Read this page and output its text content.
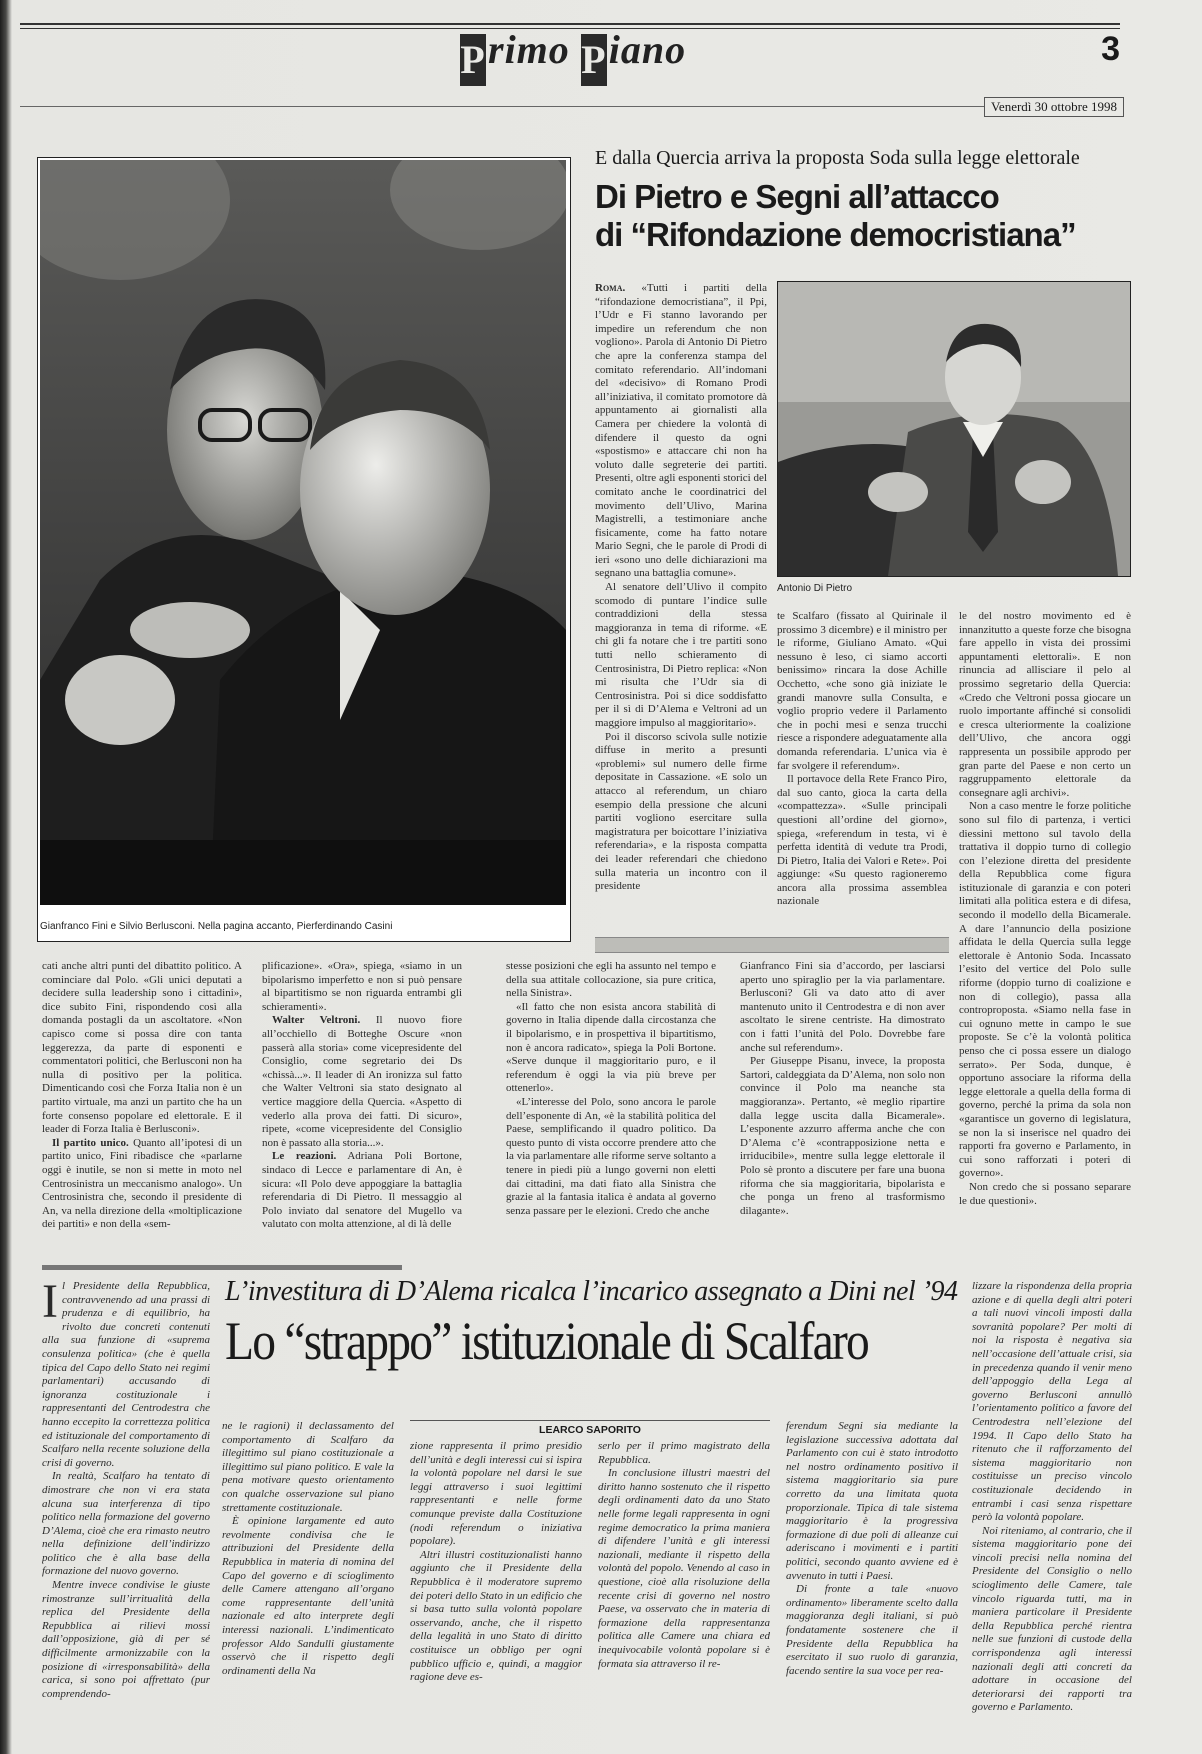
Primo Piano	3
Venerdì 30 ottobre 1998
Gianfranco Fini e Silvio Berlusconi. Nella pagina accanto, Pierferdinando Casini
E dalla Quercia arriva la proposta Soda sulla legge elettorale
Di Pietro e Segni all’attacco
di “Rifondazione democristiana”
Antonio Di Pietro

Roma. «Tutti i partiti della “rifondazione democristiana”, il Ppi, l’Udr e Fi stanno lavorando per impedire un referendum che non vogliono». Parola di Antonio Di Pietro che apre la conferenza stampa del comitato referendario. All’indomani del «decisivo» di Romano Prodi all’iniziativa, il comitato promotore dà appuntamento ai giornalisti alla Camera per chiedere la volontà di difendere il questo da ogni «spostismo» e attaccare chi non ha voluto dalle segreterie dei partiti. Presenti, oltre agli esponenti storici del comitato anche le coordinatrici del movimento dell’Ulivo, Marina Magistrelli, a testimoniare anche fisicamente, come ha fatto notare Mario Segni, che le parole di Prodi di ieri «sono uno delle dichiarazioni ma segnano una battaglia comune».

Al senatore dell’Ulivo il compito scomodo di puntare l’indice sulle contraddizioni della stessa maggioranza in tema di riforme. «E chi gli fa notare che i tre partiti sono tutti nello schieramento di Centrosinistra, Di Pietro replica: «Non mi risulta che l’Udr sia di Centrosinistra. Poi si dice soddisfatto per il sì di D’Alema e Veltroni ad un maggiore impulso al maggioritario».

Poi il discorso scivola sulle notizie diffuse in merito a presunti «problemi» sul numero delle firme depositate in Cassazione. «E solo un attacco al referendum, un chiaro esempio della pressione che alcuni partiti vogliono esercitare sulla magistratura per boicottare l’iniziativa referendaria», e la risposta compatta dei leader referendari che chiedono sulla materia un incontro con il presidente

te Scalfaro (fissato al Quirinale il prossimo 3 dicembre) e il ministro per le riforme, Giuliano Amato. «Qui nessuno è leso, ci siamo accorti benissimo» rincara la dose Achille Occhetto, «che sono già iniziate le grandi manovre sulla Consulta, e voglio proprio vedere il Parlamento che in pochi mesi e senza trucchi riesce a rispondere adeguatamente alla domanda referendaria. L’unica via è far svolgere il referendum».

Il portavoce della Rete Franco Piro, dal suo canto, gioca la carta della «compattezza». «Sulle principali questioni all’ordine del giorno», spiega, «referendum in testa, vi è perfetta identità di vedute tra Prodi, Di Pietro, Italia dei Valori e Rete». Poi aggiunge: «Su questo ragioneremo ancora alla prossima assemblea nazionale

le del nostro movimento ed è innanzitutto a queste forze che bisogna fare appello in vista dei prossimi appuntamenti elettorali». E non rinuncia ad allisciare il pelo al prossimo segretario della Quercia: «Credo che Veltroni possa giocare un ruolo importante affinché si consolidi e cresca ulteriormente la coalizione dell’Ulivo, che ancora oggi rappresenta un possibile approdo per gran parte del Paese e non certo un raggruppamento elettorale da consegnare agli archivi».

Non a caso mentre le forze politiche sono sul filo di partenza, i vertici diessini mettono sul tavolo della trattativa il doppio turno di collegio con l’elezione diretta del presidente della Repubblica come figura istituzionale di garanzia e con poteri limitati alla politica estera e di difesa, secondo il modello della Bicamerale. A dare l’annuncio della posizione affidata le della Quercia sulla legge elettorale è Antonio Soda. Incassato l’esito del vertice del Polo sulle riforme (doppio turno di coalizione e non di collegio), passa alla controproposta. «Siamo nella fase in cui ognuno mette in campo le sue proposte. Se c’è la volontà politica penso che ci possa essere un dialogo serrato». Per Soda, dunque, è opportuno associare la riforma della legge elettorale a quella della forma di governo, perché la prima da sola non «garantisce un governo di legislatura, se non la si inserisce nel quadro dei rapporti fra governo e Parlamento, in cui sono rafforzati i poteri di governo».

Non credo che si possano separare le due questioni».

cati anche altri punti del dibattito politico. A cominciare dal Polo. «Gli unici deputati a decidere sulla leadership sono i cittadini», dice subito Fini, rispondendo così alla domanda postagli da un ascoltatore. «Non capisco come si possa dire con tanta leggerezza, da parte di esponenti e commentatori politici, che Berlusconi non ha nulla di positivo per la politica. Dimenticando così che Forza Italia non è un partito virtuale, ma anzi un partito che ha un forte consenso popolare ed elettorale. E il leader di Forza Italia è Berlusconi».

Il partito unico. Quanto all’ipotesi di un partito unico, Fini ribadisce che «parlarne oggi è inutile, se non si mette in moto nel Centrosinistra un meccanismo analogo». Un Centrosinistra che, secondo il presidente di An, va nella direzione della «moltiplicazione dei partiti» e non della «sem-

plificazione». «Ora», spiega, «siamo in un bipolarismo imperfetto e non si può pensare al bipartitismo se non riguarda entrambi gli schieramenti».

Walter Veltroni. Il nuovo fiore all’occhiello di Botteghe Oscure «non passerà alla storia» come vicepresidente del Consiglio, come segretario dei Ds «chissà...». Il leader di An ironizza sul fatto che Walter Veltroni sia stato designato al vertice maggiore della Quercia. «Aspetto di vederlo alla prova dei fatti. Di sicuro», ripete, «come vicepresidente del Consiglio non è passato alla storia...».

Le reazioni. Adriana Poli Bortone, sindaco di Lecce e parlamentare di An, è sicura: «Il Polo deve appoggiare la battaglia referendaria di Di Pietro. Il messaggio al Polo inviato dal senatore del Mugello va valutato con molta attenzione, al di là delle

stesse posizioni che egli ha assunto nel tempo e della sua attitale collocazione, sia pure critica, nella Sinistra».

«Il fatto che non esista ancora stabilità di governo in Italia dipende dalla circostanza che il bipolarismo, e in prospettiva il bipartitismo, non è ancora radicato», spiega la Poli Bortone. «Serve dunque il maggioritario puro, e il referendum è oggi la via più breve per ottenerlo».

«L’interesse del Polo, sono ancora le parole dell’esponente di An, «è la stabilità politica del Paese, semplificando il quadro politico. Da questo punto di vista occorre prendere atto che la via parlamentare alle riforme serve soltanto a tenere in piedi più a lungo governi non eletti dai cittadini, ma dati fiato alla Sinistra che grazie al la fantasia italica è andata al governo senza passare per le elezioni. Credo che anche

Gianfranco Fini sia d’accordo, per lasciarsi aperto uno spiraglio per la via parlamentare. Berlusconi? Gli va dato atto di aver mantenuto unito il Centrodestra e di non aver ascoltato le sirene centriste. Ha dimostrato con i fatti l’unità del Polo. Dovrebbe fare anche sul referendum».

Per Giuseppe Pisanu, invece, la proposta Sartori, caldeggiata da D’Alema, non solo non convince il Polo ma neanche sta maggioranza». Pertanto, «è meglio ripartire dalla legge uscita dalla Bicamerale». L’esponente azzurro afferma anche che con D’Alema c’è «contrapposizione netta e irriducibile», mentre sulla legge elettorale il Polo sè pronto a discutere per fare una buona riforma che sia maggioritaria, bipolarista e che ponga un freno al trasformismo dilagante».

L’investitura di D’Alema ricalca l’incarico assegnato a Dini nel ’94
Lo “strappo” istituzionale di Scalfaro
LEARCO SAPORITO

Il Presidente della Repubblica, contravvenendo ad una prassi di prudenza e di equilibrio, ha rivolto due concreti contenuti alla sua funzione di «suprema consulenza politica» (che è quella tipica del Capo dello Stato nei regimi parlamentari) accusando di ignoranza costituzionale i rappresentanti del Centrodestra che hanno eccepito la correttezza politica ed istituzionale del comportamento di Scalfaro nella recente soluzione della crisi di governo.

In realtà, Scalfaro ha tentato di dimostrare che non vi era stata alcuna sua interferenza di tipo politico nella formazione del governo D’Alema, cioè che era rimasto neutro nella definizione dell’indirizzo politico che è alla base della formazione del nuovo governo.

Mentre invece condivise le giuste rimostranze sull’irritualità della replica del Presidente della Repubblica ai rilievi mossi dall’opposizione, già di per sé difficilmente armonizzabile con la posizione di «irresponsabilità» della carica, si sono poi affrettato (pur comprendendo-

ne le ragioni) il declassamento del comportamento di Scalfaro da illegittimo sul piano costituzionale a illegittimo sul piano politico. E vale la pena motivare questo orientamento con qualche osservazione sul piano strettamente costituzionale.

È opinione largamente ed auto revolmente condivisa che le attribuzioni del Presidente della Repubblica in materia di nomina del Capo del governo e di scioglimento delle Camere attengano all’organo come rappresentante dell’unità nazionale ed alto interprete degli interessi nazionali. L’indimenticato professor Aldo Sandulli giustamente osservò che il rispetto degli ordinamenti della Na

zione rappresenta il primo presidio dell’unità e degli interessi cui si ispira la volontà popolare nel darsi le sue leggi attraverso i suoi legittimi rappresentanti e nelle forme comunque previste dalla Costituzione (nodi referendum o iniziativa popolare).

Altri illustri costituzionalisti hanno aggiunto che il Presidente della Repubblica è il moderatore supremo dei poteri dello Stato in un edificio che si basa tutto sulla volontà popolare osservando, anche, che il rispetto della legalità in uno Stato di diritto costituisce un obbligo per ogni pubblico ufficio e, quindi, a maggior ragione deve es-

serlo per il primo magistrato della Repubblica.

In conclusione illustri maestri del diritto hanno sostenuto che il rispetto degli ordinamenti dato da uno Stato nelle forme legali rappresenta in ogni regime democratico la prima maniera di difendere l’unità e gli interessi nazionali, mediante il rispetto della volontà del popolo. Venendo al caso in questione, cioè alla risoluzione della recente crisi di governo nel nostro Paese, va osservato che in materia di formazione della rappresentanza politica alle Camere una chiara ed inequivocabile volontà popolare si è formata sia attraverso il re-

ferendum Segni sia mediante la legislazione successiva adottata dal Parlamento con cui è stato introdotto nel nostro ordinamento positivo il sistema maggioritario sia pure corretto da una limitata quota proporzionale. Tipica di tale sistema maggioritario è la progressiva formazione di due poli di alleanze cui aderiscano i movimenti e i partiti politici, secondo quanto avviene ed è avvenuto in tutti i Paesi.

Di fronte a tale «nuovo ordinamento» liberamente scelto dalla maggioranza degli italiani, si può fondatamente sostenere che il Presidente della Repubblica ha esercitato il suo ruolo di garanzia, facendo sentire la sua voce per rea-

lizzare la rispondenza della propria azione e di quella degli altri poteri a tali nuovi vincoli imposti dalla sovranità popolare? Per molti di noi la risposta è negativa sia nell’occasione dell’attuale crisi, sia in precedenza quando il venir meno dell’appoggio della Lega al governo Berlusconi annullò l’orientamento politico a favore del Centrodestra nell’elezione del 1994. Il Capo dello Stato ha ritenuto che il rafforzamento del sistema maggioritario non costituisse un preciso vincolo costituzionale decidendo in entrambi i casi senza rispettare però la volontà popolare.

Noi riteniamo, al contrario, che il sistema maggioritario pone dei vincoli precisi nella nomina del Presidente del Consiglio o nello scioglimento delle Camere, tale vincolo riguarda tutti, ma in maniera particolare il Presidente della Repubblica perché rientra nelle sue funzioni di custode della corrispondenza agli interessi nazionali degli atti concreti da adottare in occasione del deteriorarsi dei rapporti tra governo e Parlamento.
